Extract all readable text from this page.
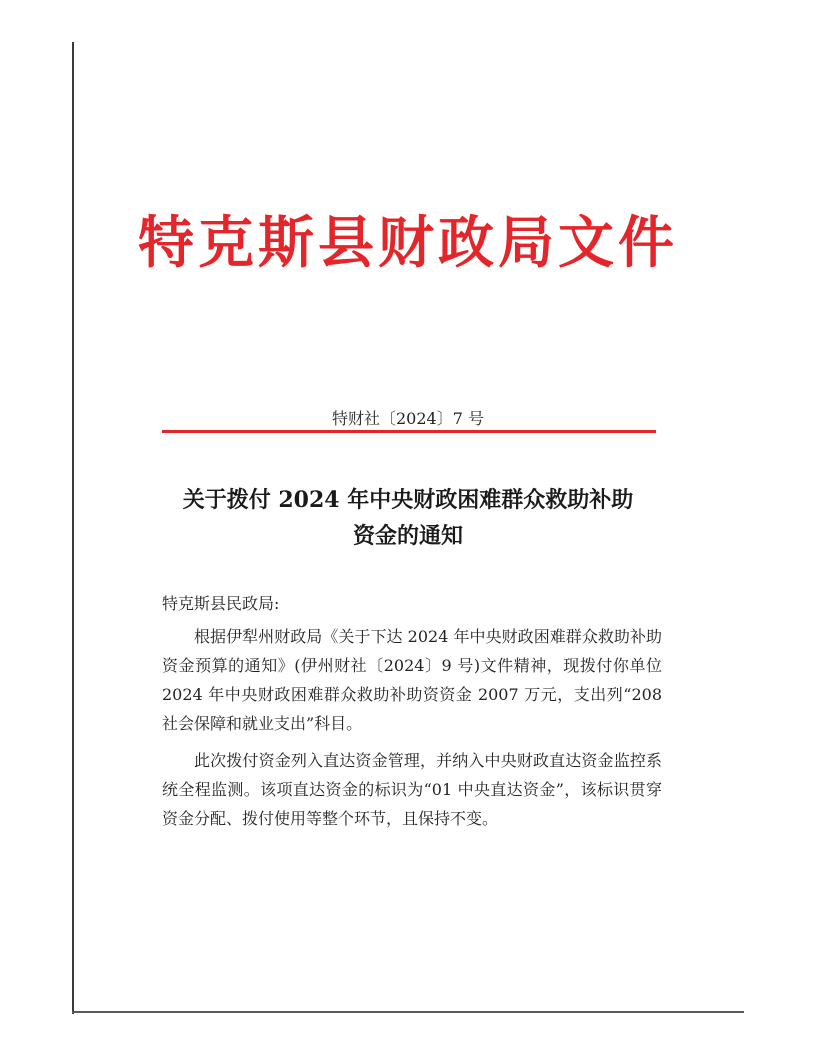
特克斯县财政局文件
特财社〔2024〕7 号
关于拨付 2024 年中央财政困难群众救助补助
资金的通知
特克斯县民政局:

根据伊犁州财政局《关于下达 2024 年中央财政困难群众救助补助资金预算的通知》(伊州财社〔2024〕9 号)文件精神，现拨付你单位 2024 年中央财政困难群众救助补助资资金 2007 万元，支出列“208 社会保障和就业支出”科目。

此次拨付资金列入直达资金管理，并纳入中央财政直达资金监控系统全程监测。该项直达资金的标识为“01 中央直达资金”，该标识贯穿资金分配、拨付使用等整个环节，且保持不变。
